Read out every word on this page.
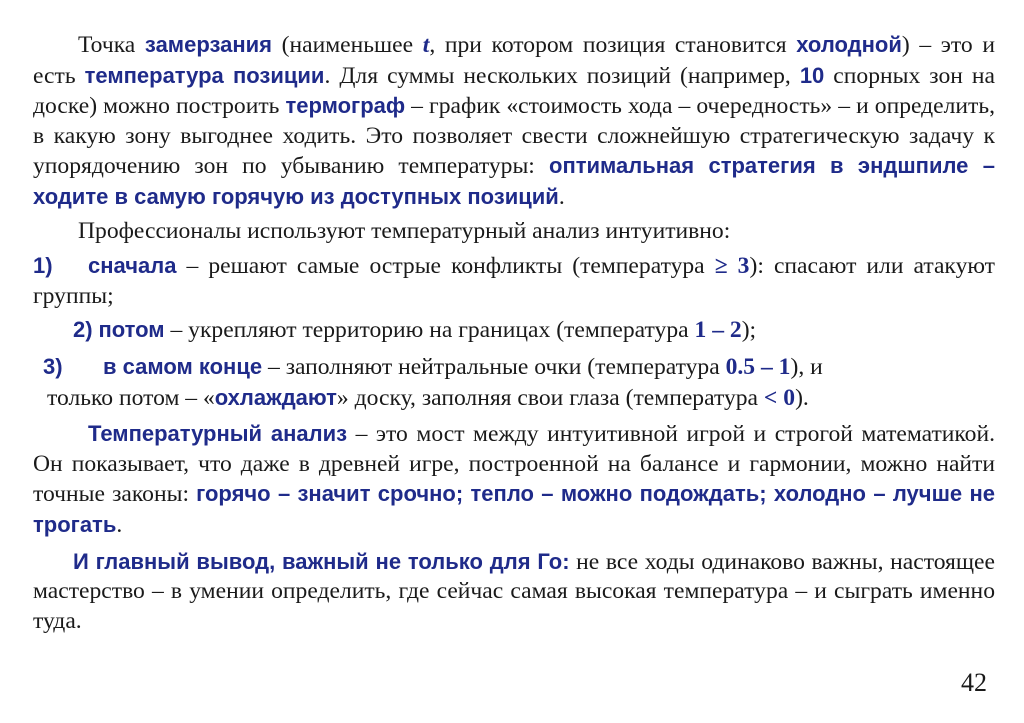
Точка замерзания (наименьшее t, при котором позиция становится холодной) – это и есть температура позиции. Для суммы нескольких позиций (например, 10 спорных зон на доске) можно построить термограф – график «стоимость хода – очередность» – и определить, в какую зону выгоднее ходить. Это позволяет свести сложнейшую стратегическую задачу к упорядочению зон по убыванию температуры: оптимальная стратегия в эндшпиле – ходите в самую горячую из доступных позиций.

Профессионалы используют температурный анализ интуитивно:

1) сначала – решают самые острые конфликты (температура ≥ 3): спасают или атакуют группы;

2) потом – укрепляют территорию на границах (температура 1 – 2);

3) в самом конце – заполняют нейтральные очки (температура 0.5 – 1), и

только потом – «охлаждают» доску, заполняя свои глаза (температура < 0).

Температурный анализ – это мост между интуитивной игрой и строгой математикой. Он показывает, что даже в древней игре, построенной на балансе и гармонии, можно найти точные законы: горячо – значит срочно; тепло – можно подождать; холодно – лучше не трогать.

И главный вывод, важный не только для Го: не все ходы одинаково важны, настоящее мастерство – в умении определить, где сейчас самая высокая температура – и сыграть именно туда.

42
